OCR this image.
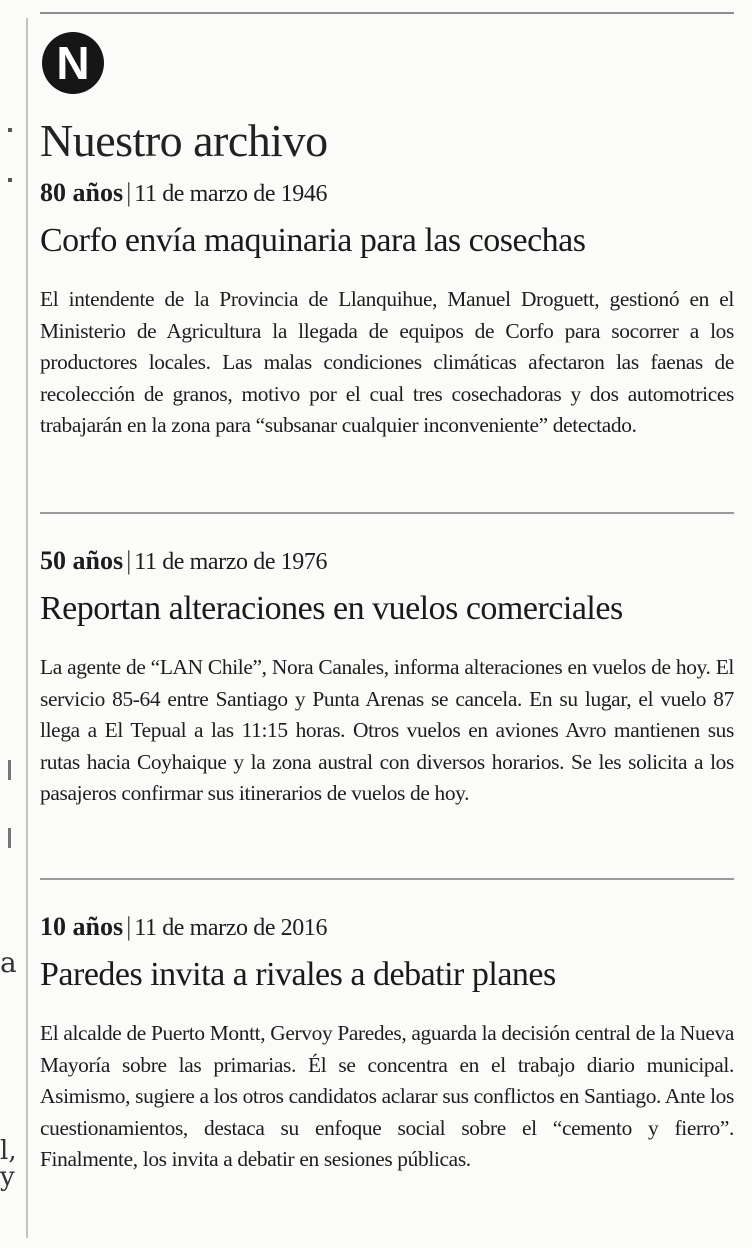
a
l,
y
N
Nuestro archivo
80 años | 11 de marzo de 1946
Corfo envía maquinaria para las cosechas

El intendente de la Provincia de Llanquihue, Manuel Droguett, gestionó en el Ministerio de Agricultura la llegada de equipos de Corfo para socorrer a los productores locales. Las malas condiciones climáticas afectaron las faenas de recolección de granos, motivo por el cual tres cosechadoras y dos automotrices trabajarán en la zona para “subsanar cualquier inconveniente” detectado.

50 años | 11 de marzo de 1976
Reportan alteraciones en vuelos comerciales

La agente de “LAN Chile”, Nora Canales, informa alteraciones en vuelos de hoy. El servicio 85-64 entre Santiago y Punta Arenas se cancela. En su lugar, el vuelo 87 llega a El Tepual a las 11:15 horas. Otros vuelos en aviones Avro mantienen sus rutas hacia Coyhaique y la zona austral con diversos horarios. Se les solicita a los pasajeros confirmar sus itinerarios de vuelos de hoy.

10 años | 11 de marzo de 2016
Paredes invita a rivales a debatir planes

El alcalde de Puerto Montt, Gervoy Paredes, aguarda la decisión central de la Nueva Mayoría sobre las primarias. Él se concentra en el trabajo diario municipal. Asimismo, sugiere a los otros candidatos aclarar sus conflictos en Santiago. Ante los cuestionamientos, destaca su enfoque social sobre el “cemento y fierro”. Finalmente, los invita a debatir en sesiones públicas.
